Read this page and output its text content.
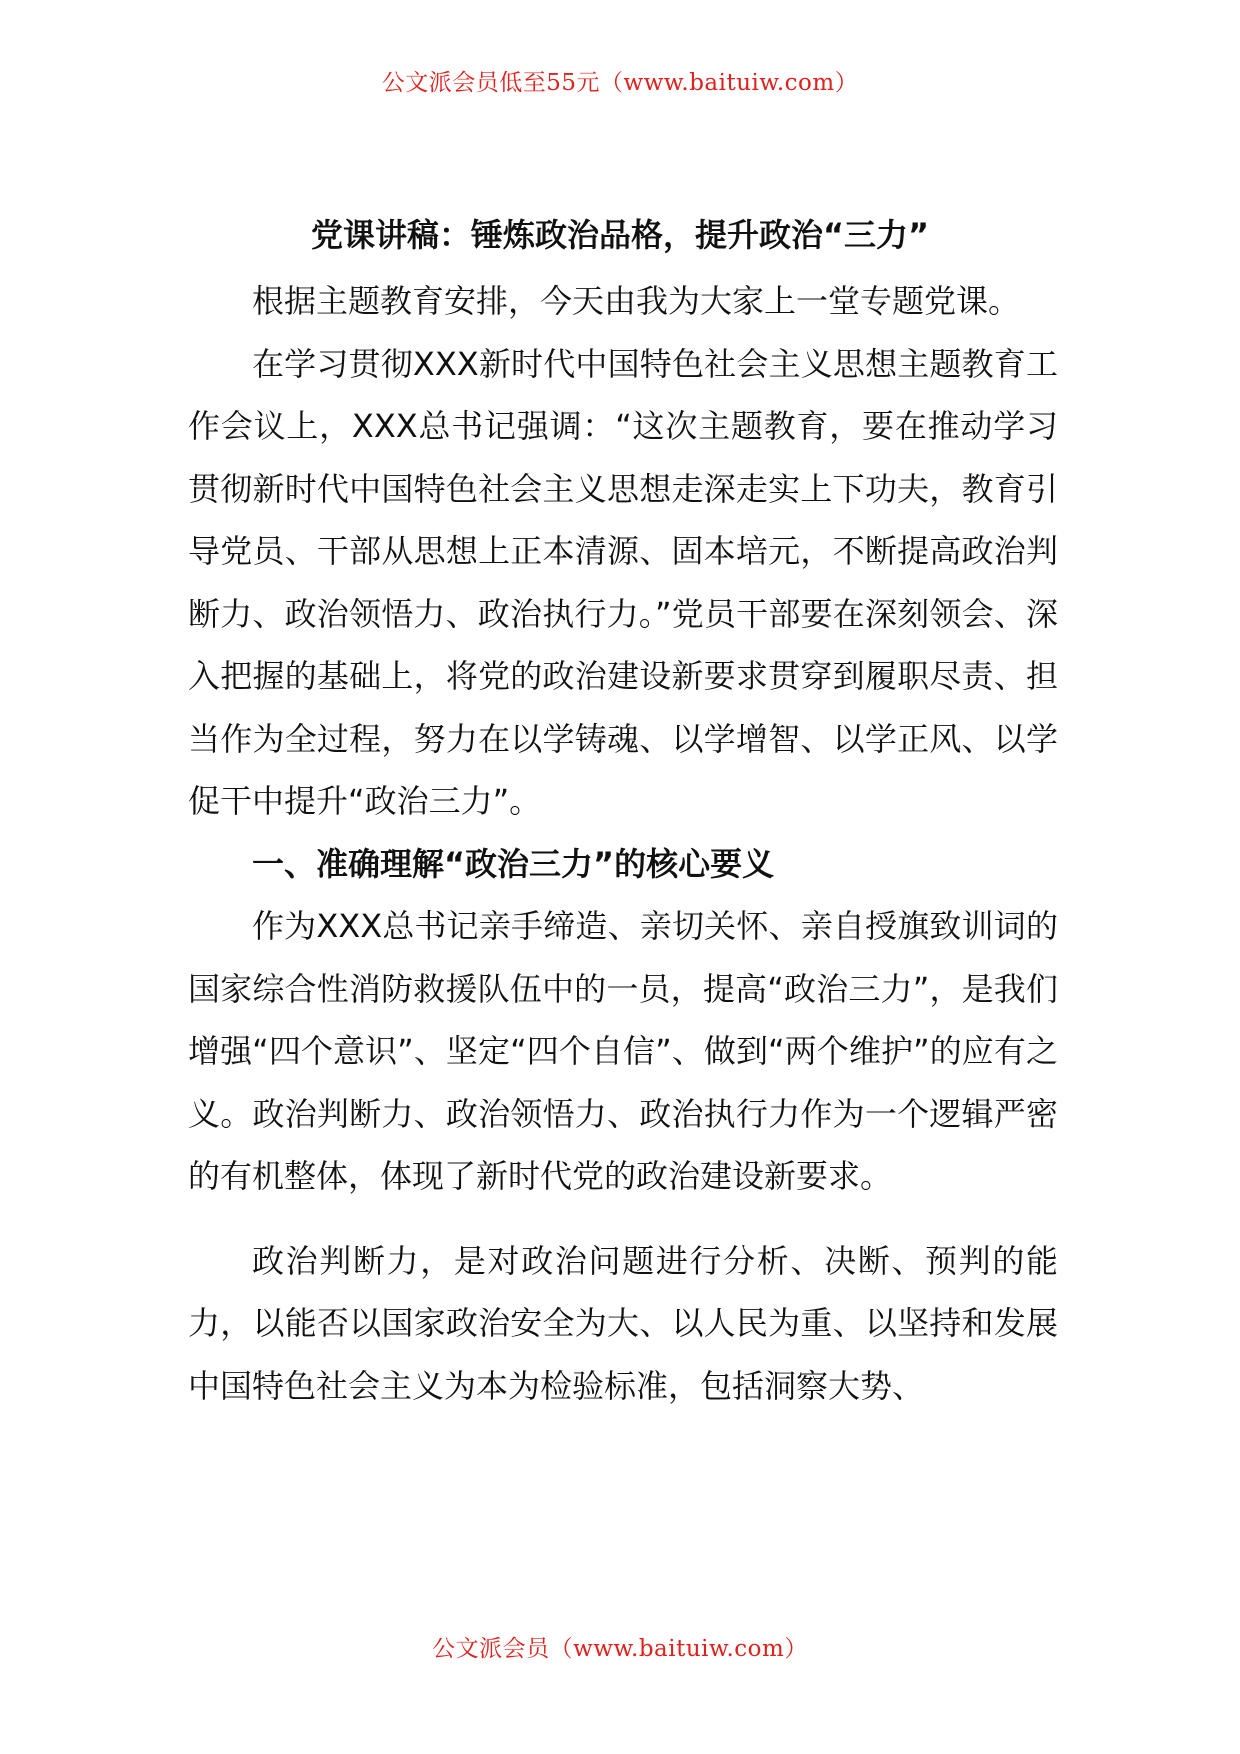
公文派会员低至55元（www.baituiw.com）
党课讲稿：锤炼政治品格，提升政治“三力”

根据主题教育安排，今天由我为大家上一堂专题党课。

在学习贯彻XXX新时代中国特色社会主义思想主题教育工作会议上，XXX总书记强调：“这次主题教育，要在推动学习贯彻新时代中国特色社会主义思想走深走实上下功夫，教育引导党员、干部从思想上正本清源、固本培元，不断提高政治判断力、政治领悟力、政治执行力。”党员干部要在深刻领会、深入把握的基础上，将党的政治建设新要求贯穿到履职尽责、担当作为全过程，努力在以学铸魂、以学增智、以学正风、以学促干中提升“政治三力”。

一、准确理解“政治三力”的核心要义

作为XXX总书记亲手缔造、亲切关怀、亲自授旗致训词的国家综合性消防救援队伍中的一员，提高“政治三力”，是我们增强“四个意识”、坚定“四个自信”、做到“两个维护”的应有之义。政治判断力、政治领悟力、政治执行力作为一个逻辑严密的有机整体，体现了新时代党的政治建设新要求。

政治判断力，是对政治问题进行分析、决断、预判的能力，以能否以国家政治安全为大、以人民为重、以坚持和发展中国特色社会主义为本为检验标准，包括洞察大势、

公文派会员（www.baituiw.com）
